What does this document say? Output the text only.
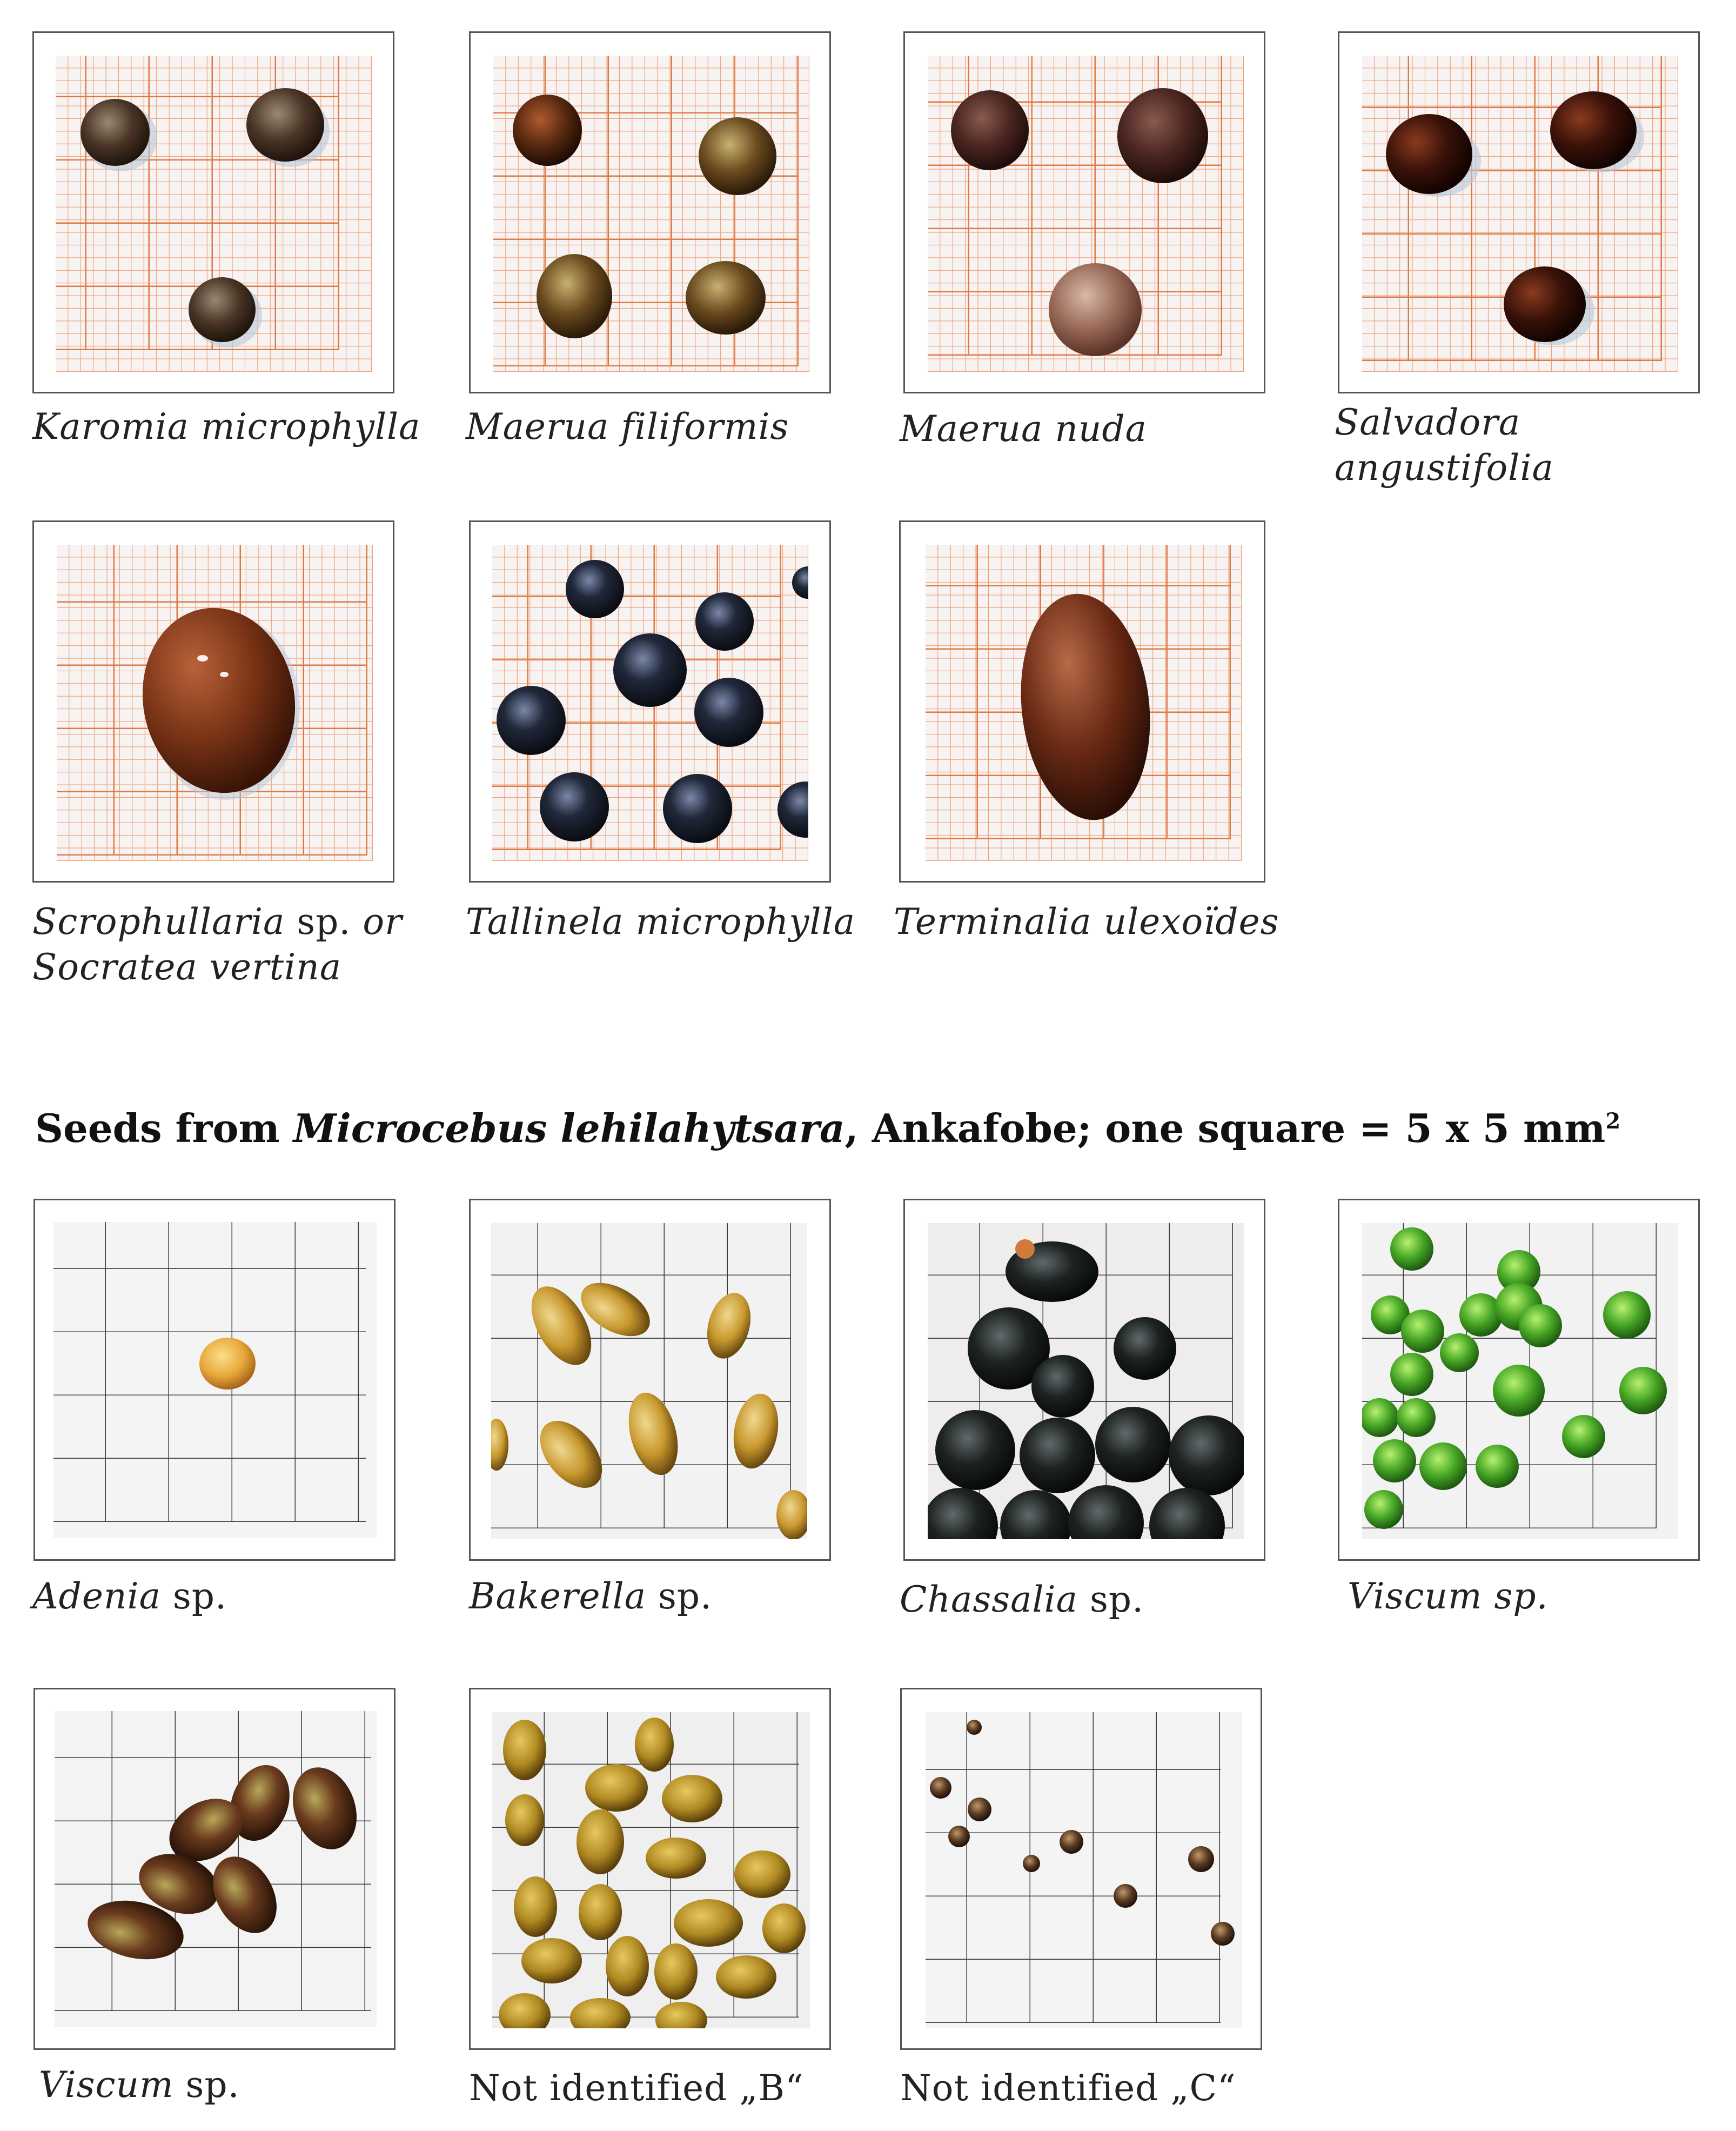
Karomia microphylla Maerua filiformis	Maerua nuda	Salvadora
angustifolia
Scrophullaria sp. or
Socratea vertina
Tallinela microphylla Terminalia ulexoïdes
Seeds from Microcebus lehilahytsara, Ankafobe; one square = 5 x 5 $mm^2$
Adenia sp.	Bakerella sp.	Chassalia sp.	Viscum sp.
Viscum sp.	Not identified „B“	Not identified „C“
